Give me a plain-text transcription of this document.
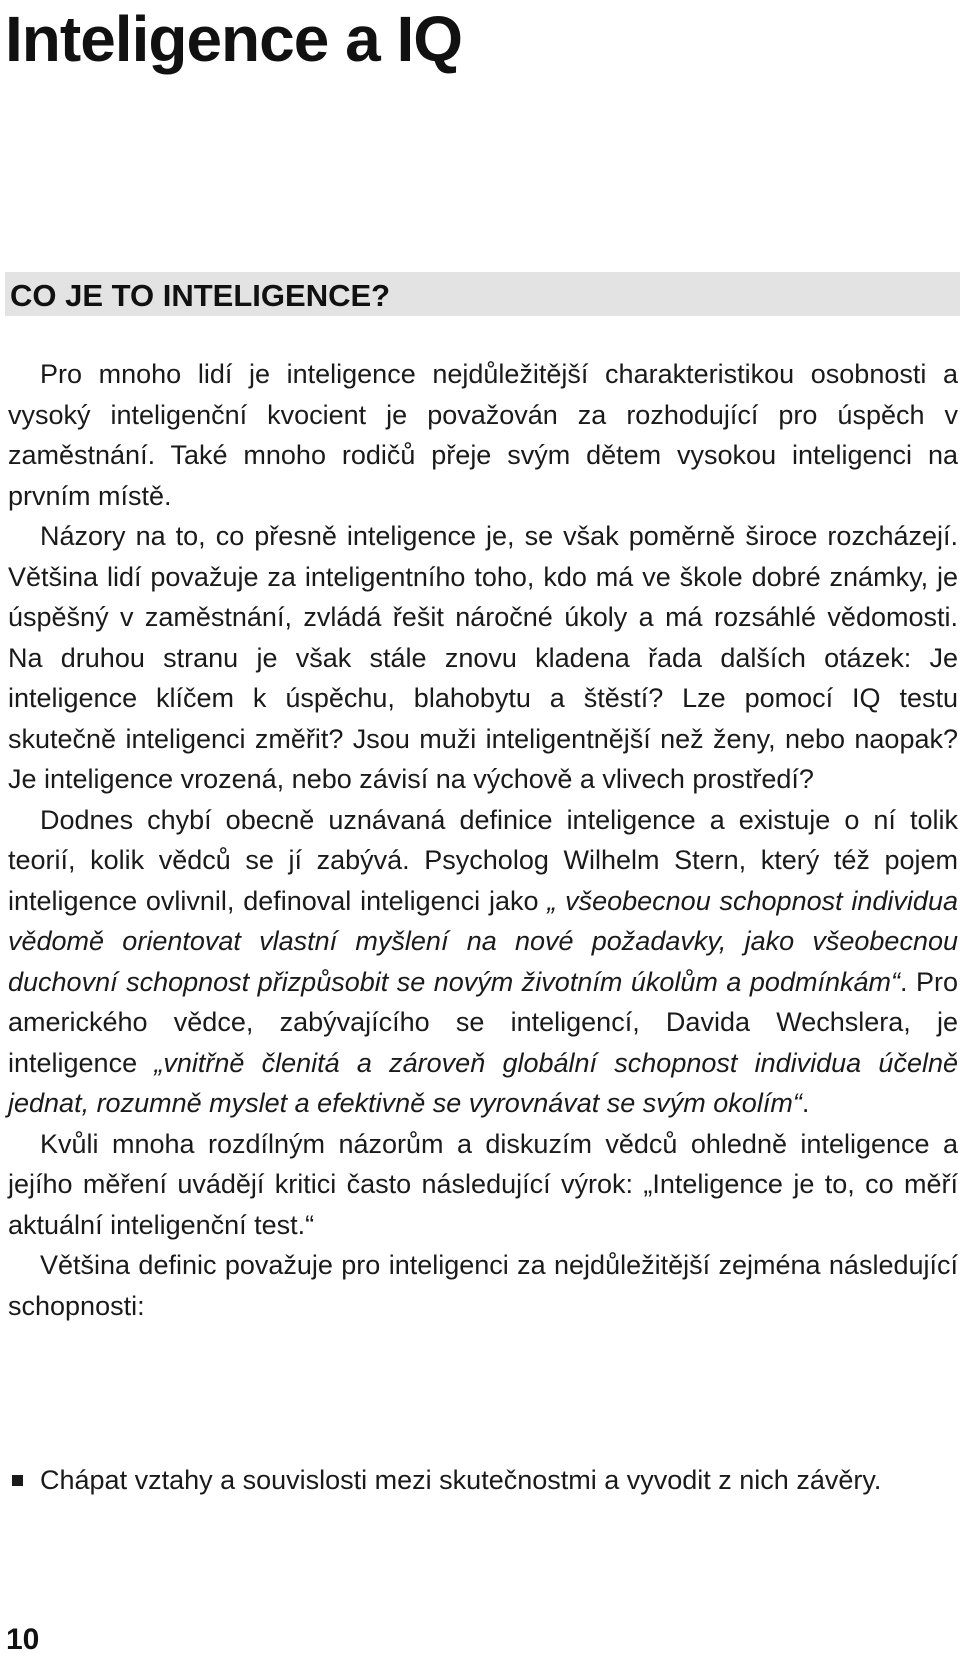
Inteligence a IQ
CO JE TO INTELIGENCE?

Pro mnoho lidí je inteligence nejdůležitější charakteristikou osobnosti a vysoký inteligenční kvocient je považován za rozhodující pro úspěch v zaměstnání. Také mnoho rodičů přeje svým dětem vysokou inteligenci na prvním místě.

Názory na to, co přesně inteligence je, se však poměrně široce rozcházejí. Většina lidí považuje za inteligentního toho, kdo má ve škole dobré známky, je úspěšný v zaměstnání, zvládá řešit náročné úkoly a má rozsáhlé vědomosti. Na druhou stranu je však stále znovu kladena řada dalších otázek: Je inteligence klíčem k úspěchu, blahobytu a štěstí? Lze pomocí IQ testu skutečně inteligenci změřit? Jsou muži inteligentnější než ženy, nebo naopak? Je inteligence vrozená, nebo závisí na výchově a vlivech prostředí?

Dodnes chybí obecně uznávaná definice inteligence a existuje o ní tolik teorií, kolik vědců se jí zabývá. Psycholog Wilhelm Stern, který též pojem inteligence ovlivnil, definoval inteligenci jako „ všeobecnou schopnost individua vědomě orientovat vlastní myšlení na nové požadavky, jako všeobecnou duchovní schopnost přizpůsobit se novým životním úkolům a podmínkám“. Pro amerického vědce, zabývajícího se inteligencí, Davida Wechslera, je inteligence „vnitřně členitá a zároveň globální schopnost individua účelně jednat, rozumně myslet a efektivně se vyrovnávat se svým okolím“.

Kvůli mnoha rozdílným názorům a diskuzím vědců ohledně inteligence a jejího měření uvádějí kritici často následující výrok: „Inteligence je to, co měří aktuální inteligenční test.“

Většina definic považuje pro inteligenci za nejdůležitější zejména následující schopnosti:

Chápat vztahy a souvislosti mezi skutečnostmi a vyvodit z nich závěry.
10
